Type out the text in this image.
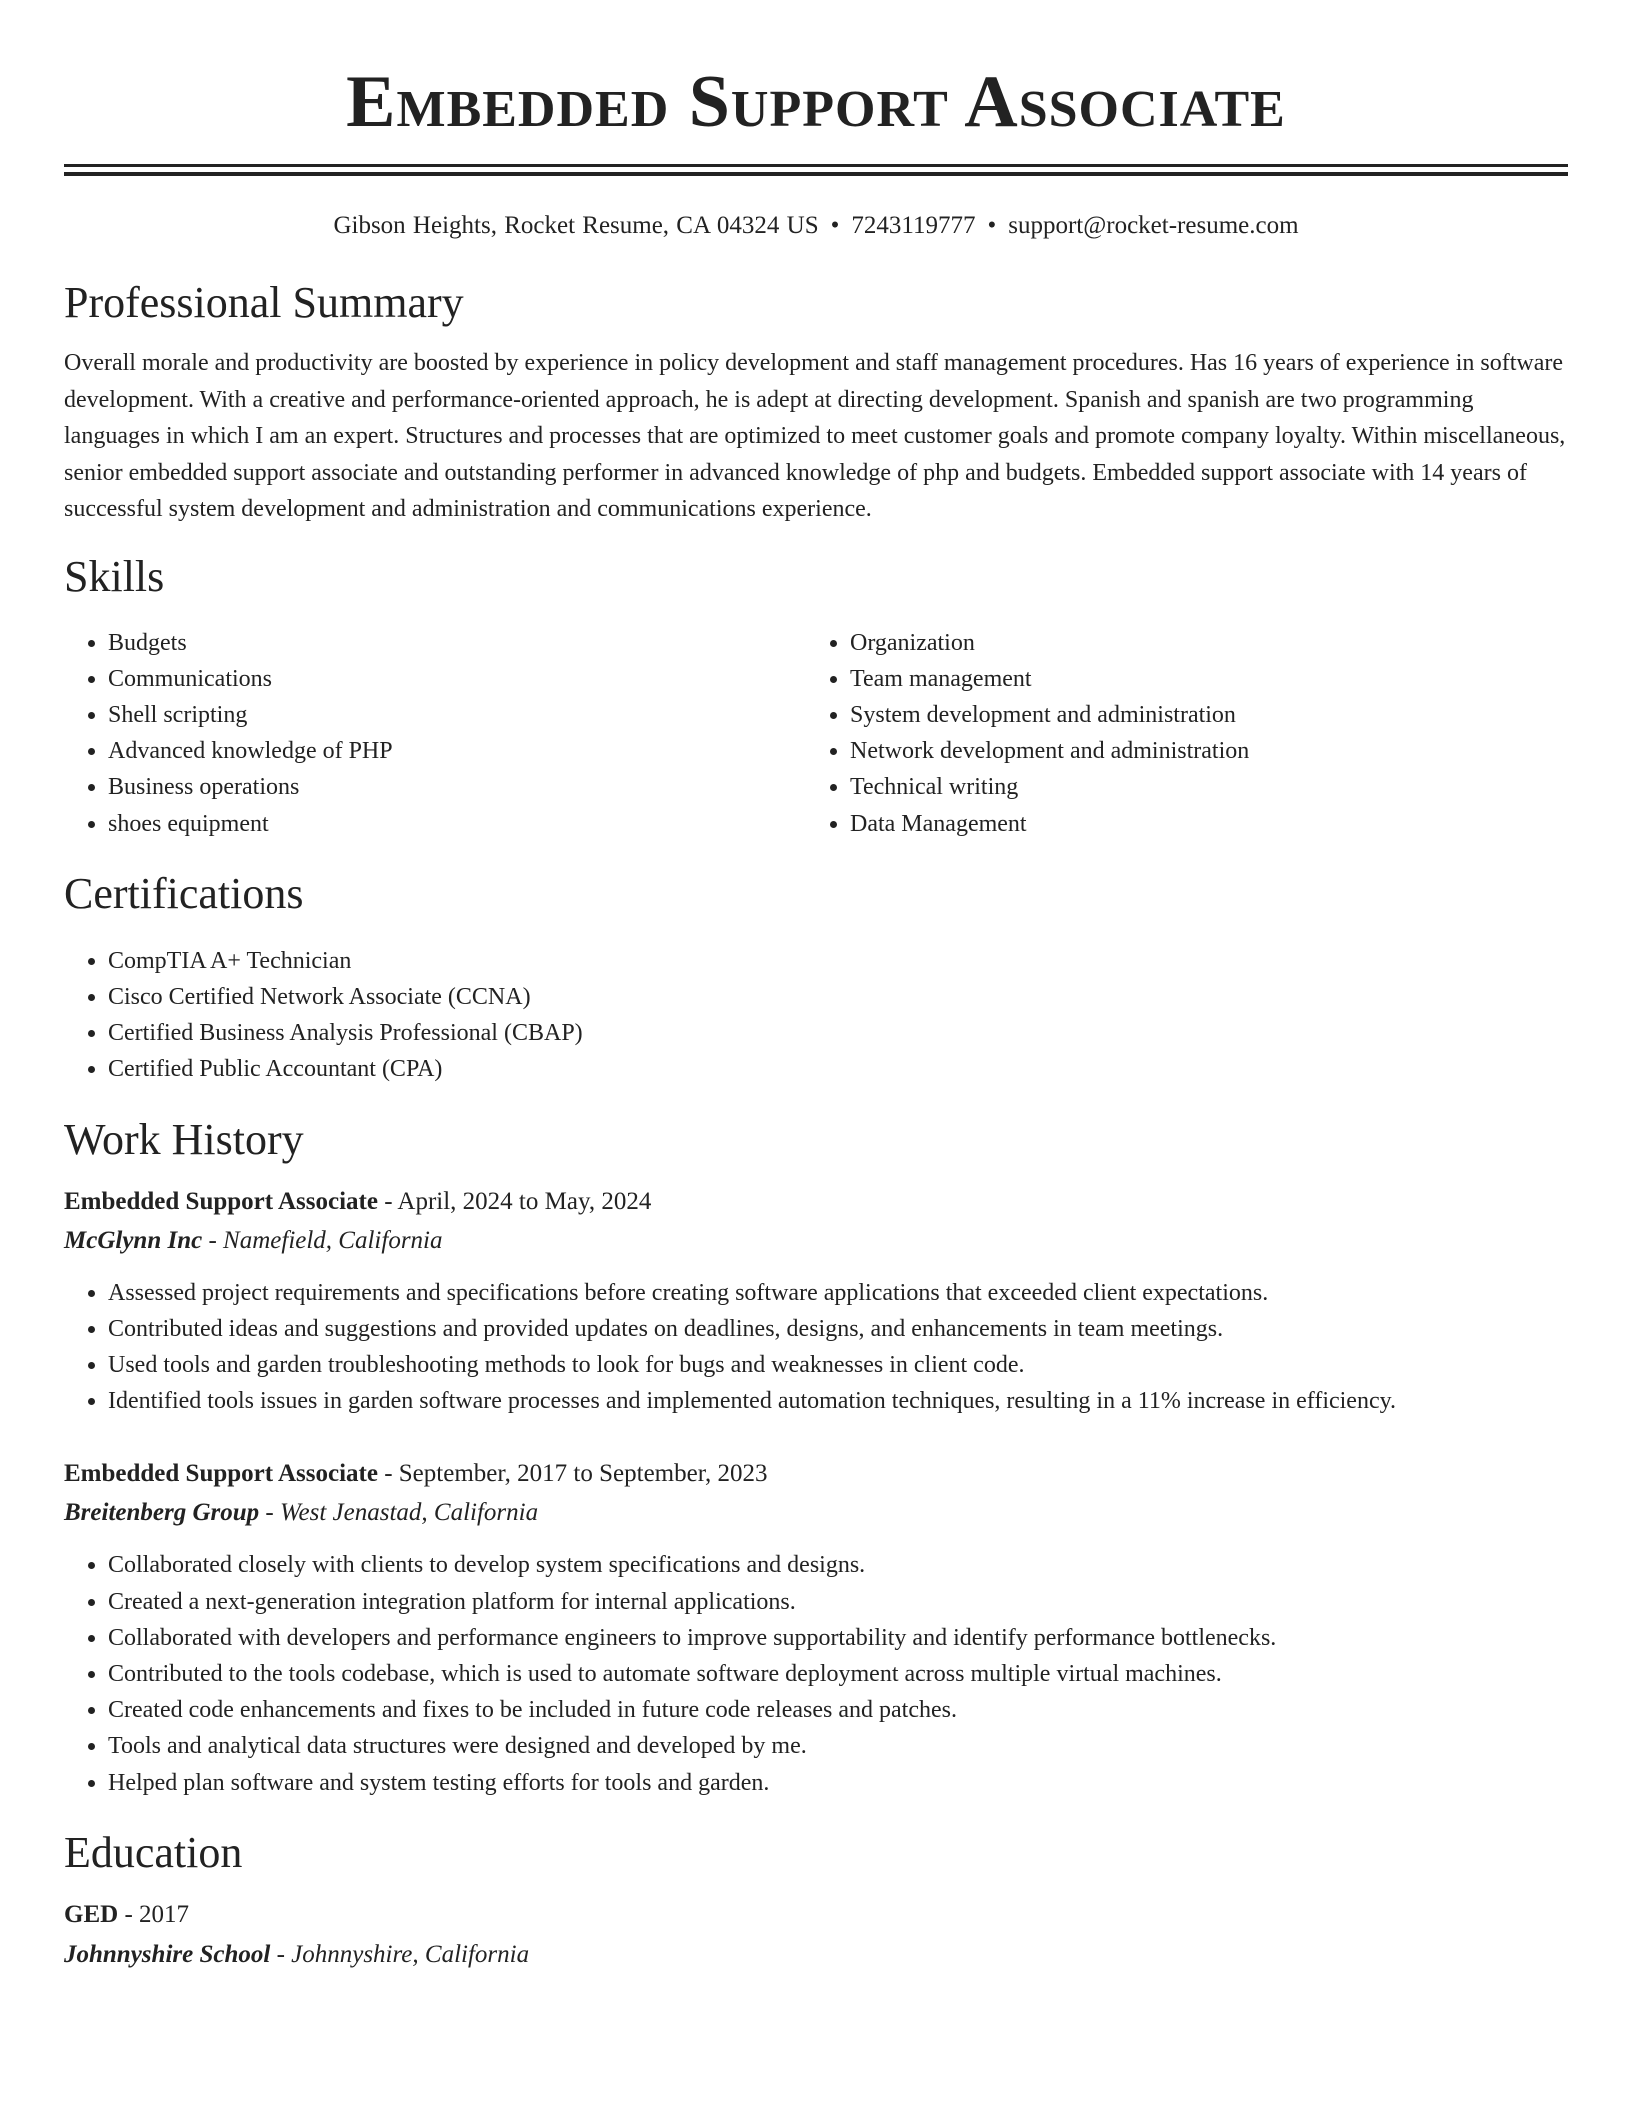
Embedded Support Associate
Gibson Heights, Rocket Resume, CA 04324 US • 7243119777 • support@rocket-resume.com
Professional Summary

Overall morale and productivity are boosted by experience in policy development and staff management procedures. Has 16 years of experience in software development. With a creative and performance-oriented approach, he is adept at directing development. Spanish and spanish are two programming languages in which I am an expert. Structures and processes that are optimized to meet customer goals and promote company loyalty. Within miscellaneous, senior embedded support associate and outstanding performer in advanced knowledge of php and budgets. Embedded support associate with 14 years of successful system development and administration and communications experience.

Skills
• Budgets
• Communications
• Shell scripting
• Advanced knowledge of PHP
• Business operations
• shoes equipment
• Organization
• Team management
• System development and administration
• Network development and administration
• Technical writing
• Data Management
Certifications
• CompTIA A+ Technician
• Cisco Certified Network Associate (CCNA)
• Certified Business Analysis Professional (CBAP)
• Certified Public Accountant (CPA)
Work History
Embedded Support Associate - April, 2024 to May, 2024
McGlynn Inc - Namefield, California
• Assessed project requirements and specifications before creating software applications that exceeded client expectations.
• Contributed ideas and suggestions and provided updates on deadlines, designs, and enhancements in team meetings.
• Used tools and garden troubleshooting methods to look for bugs and weaknesses in client code.
• Identified tools issues in garden software processes and implemented automation techniques, resulting in a 11% increase in efficiency.
Embedded Support Associate - September, 2017 to September, 2023
Breitenberg Group - West Jenastad, California
• Collaborated closely with clients to develop system specifications and designs.
• Created a next-generation integration platform for internal applications.
• Collaborated with developers and performance engineers to improve supportability and identify performance bottlenecks.
• Contributed to the tools codebase, which is used to automate software deployment across multiple virtual machines.
• Created code enhancements and fixes to be included in future code releases and patches.
• Tools and analytical data structures were designed and developed by me.
• Helped plan software and system testing efforts for tools and garden.
Education
GED - 2017
Johnnyshire School - Johnnyshire, California
